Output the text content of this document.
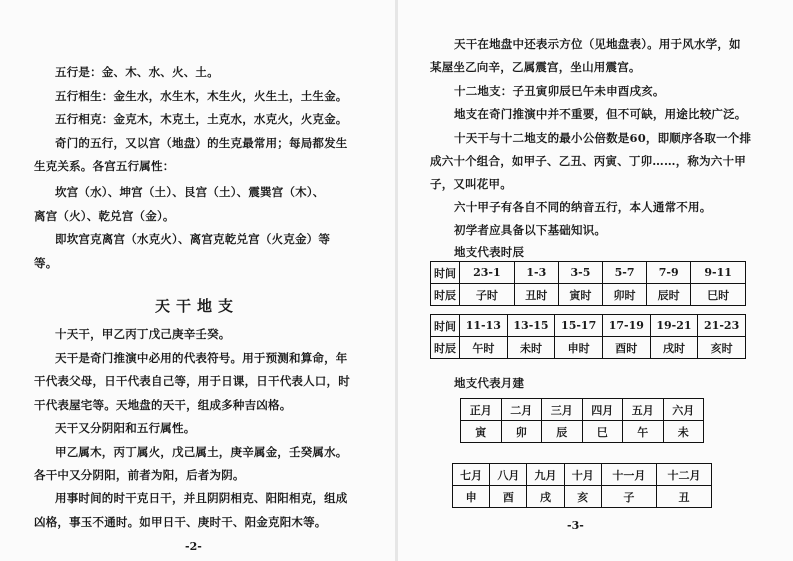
五行是：金、木、水、火、土。
五行相生：金生水，水生木，木生火，火生土，土生金。
五行相克：金克木，木克土，土克水，水克火，火克金。
奇门的五行，又以宫（地盘）的生克最常用；每局都发生
生克关系。各宫五行属性：
坎宫（水）、坤宫（土）、艮宫（土）、震巽宫（木）、
离宫（火）、乾兑宫（金）。
即坎宫克离宫（水克火）、离宫克乾兑宫（火克金）等
等。
天干地支
十天干，甲乙丙丁戊己庚辛壬癸。
天干是奇门推演中必用的代表符号。用于预测和算命，年
干代表父母，日干代表自己等，用于日课，日干代表人口，时
干代表屋宅等。天地盘的天干，组成多种吉凶格。
天干又分阴阳和五行属性。
甲乙属木，丙丁属火，戊己属土，庚辛属金，壬癸属水。
各干中又分阴阳，前者为阳，后者为阴。
用事时间的时干克日干，并且阴阴相克、阳阳相克，组成
凶格，事玉不通时。如甲日干、庚时干、阳金克阳木等。
-2-
天干在地盘中还表示方位（见地盘表）。用于风水学，如
某屋坐乙向辛，乙属震宫，坐山用震宫。
十二地支：子丑寅卯辰巳午未申酉戌亥。
地支在奇门推演中并不重要，但不可缺，用途比较广泛。
十天干与十二地支的最小公倍数是60，即顺序各取一个排
成六十个组合，如甲子、乙丑、丙寅、丁卯……，称为六十甲
子，又叫花甲。
六十甲子有各自不同的纳音五行，本人通常不用。
初学者应具备以下基础知识。
地支代表时辰
时间	23-1	1-3	3-5	5-7	7-9	9-11
时辰	子时	丑时	寅时	卯时	辰时	巳时
时间	11-13	13-15	15-17	17-19	19-21	21-23
时辰	午时	未时	申时	酉时	戌时	亥时
地支代表月建
正月	二月	三月	四月	五月	六月
寅	卯	辰	巳	午	未
七月	八月	九月	十月	十一月	十二月
申	酉	戌	亥	子	丑
-3-
